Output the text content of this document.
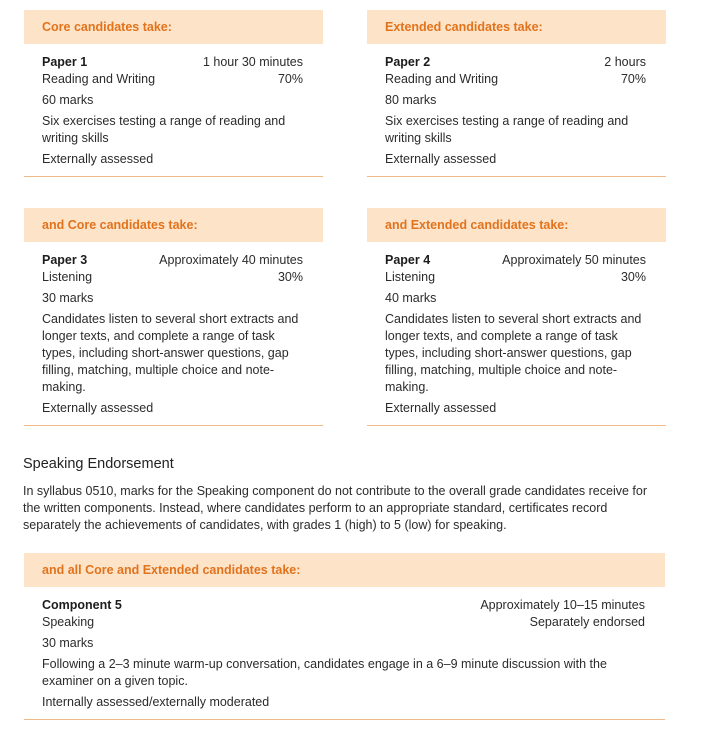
Core candidates take:
Paper 1	1 hour 30 minutes
Reading and Writing	70%
60 marks
Six exercises testing a range of reading and writing skills
Externally assessed
Extended candidates take:
Paper 2	2 hours
Reading and Writing	70%
80 marks
Six exercises testing a range of reading and writing skills
Externally assessed
and Core candidates take:
Paper 3	Approximately 40 minutes
Listening	30%
30 marks
Candidates listen to several short extracts and longer texts, and complete a range of task types, including short-answer questions, gap filling, matching, multiple choice and note-making.
Externally assessed
and Extended candidates take:
Paper 4	Approximately 50 minutes
Listening	30%
40 marks
Candidates listen to several short extracts and longer texts, and complete a range of task types, including short-answer questions, gap filling, matching, multiple choice and note-making.
Externally assessed
Speaking Endorsement
In syllabus 0510, marks for the Speaking component do not contribute to the overall grade candidates receive for the written components. Instead, where candidates perform to an appropriate standard, certificates record separately the achievements of candidates, with grades 1 (high) to 5 (low) for speaking.
and all Core and Extended candidates take:
Component 5	Approximately 10–15 minutes
Speaking	Separately endorsed
30 marks
Following a 2–3 minute warm-up conversation, candidates engage in a 6–9 minute discussion with the examiner on a given topic.
Internally assessed/externally moderated
